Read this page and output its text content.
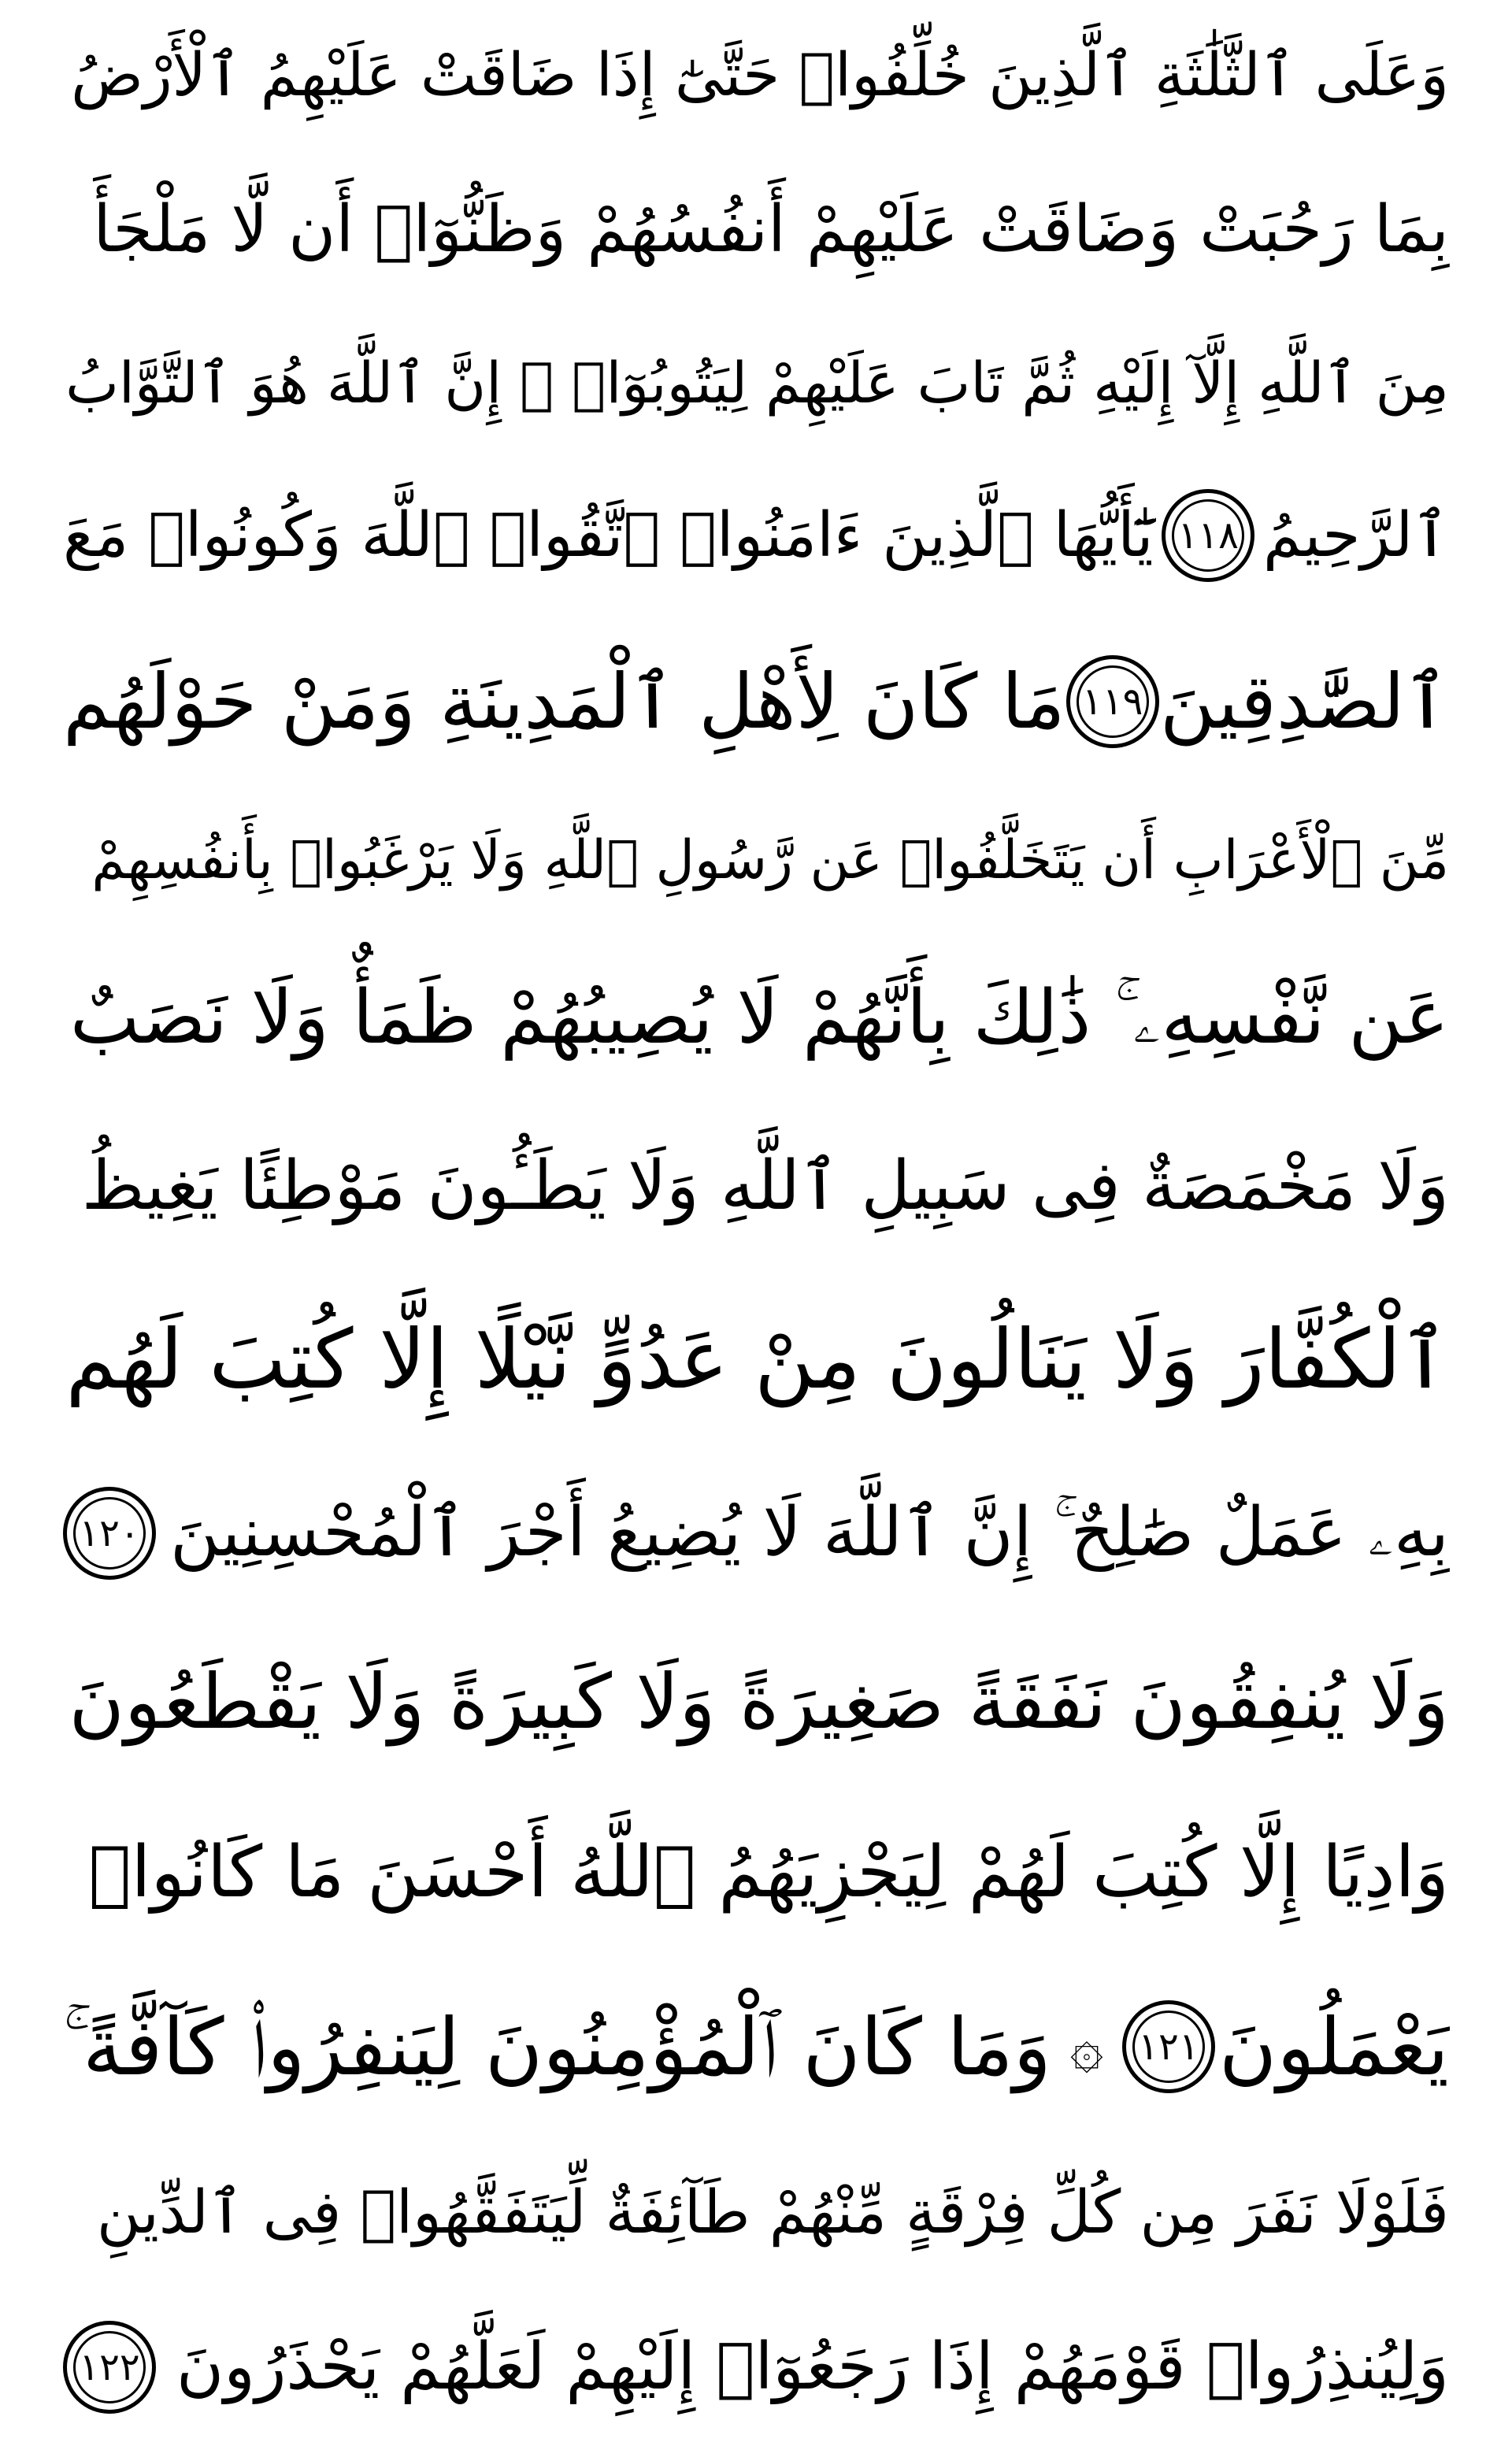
وَعَلَى ٱلثَّلَٰثَةِ ٱلَّذِينَ خُلِّفُوا۟ حَتَّىٰٓ إِذَا ضَاقَتْ عَلَيْهِمُ ٱلْأَرْضُ
بِمَا رَحُبَتْ وَضَاقَتْ عَلَيْهِمْ أَنفُسُهُمْ وَظَنُّوٓا۟ أَن لَّا مَلْجَأَ
مِنَ ٱللَّهِ إِلَّآ إِلَيْهِ ثُمَّ تَابَ عَلَيْهِمْ لِيَتُوبُوٓا۟ ۚ إِنَّ ٱللَّهَ هُوَ ٱلتَّوَّابُ
ٱلرَّحِيمُ
١١٨
يَٰٓأَيُّهَا ٱلَّذِينَ ءَامَنُوا۟ ٱتَّقُوا۟ ٱللَّهَ وَكُونُوا۟ مَعَ
ٱلصَّٰدِقِينَ
١١٩
مَا كَانَ لِأَهْلِ ٱلْمَدِينَةِ وَمَنْ حَوْلَهُم
مِّنَ ٱلْأَعْرَابِ أَن يَتَخَلَّفُوا۟ عَن رَّسُولِ ٱللَّهِ وَلَا يَرْغَبُوا۟ بِأَنفُسِهِمْ
عَن نَّفْسِهِۦ ۚ ذَٰلِكَ بِأَنَّهُمْ لَا يُصِيبُهُمْ ظَمَأٌ وَلَا نَصَبٌ
وَلَا مَخْمَصَةٌ فِى سَبِيلِ ٱللَّهِ وَلَا يَطَـُٔونَ مَوْطِئًا يَغِيظُ
ٱلْكُفَّارَ وَلَا يَنَالُونَ مِنْ عَدُوٍّ نَّيْلًا إِلَّا كُتِبَ لَهُم
بِهِۦ عَمَلٌ صَٰلِحٌ ۚ إِنَّ ٱللَّهَ لَا يُضِيعُ أَجْرَ ٱلْمُحْسِنِينَ
١٢٠
وَلَا يُنفِقُونَ نَفَقَةً صَغِيرَةً وَلَا كَبِيرَةً وَلَا يَقْطَعُونَ
وَادِيًا إِلَّا كُتِبَ لَهُمْ لِيَجْزِيَهُمُ ٱللَّهُ أَحْسَنَ مَا كَانُوا۟
يَعْمَلُونَ
١٢١
۞
وَمَا كَانَ ٱلْمُؤْمِنُونَ لِيَنفِرُوا۟ كَآفَّةً ۚ
فَلَوْلَا نَفَرَ مِن كُلِّ فِرْقَةٍ مِّنْهُمْ طَآئِفَةٌ لِّيَتَفَقَّهُوا۟ فِى ٱلدِّينِ
وَلِيُنذِرُوا۟ قَوْمَهُمْ إِذَا رَجَعُوٓا۟ إِلَيْهِمْ لَعَلَّهُمْ يَحْذَرُونَ
١٢٢
